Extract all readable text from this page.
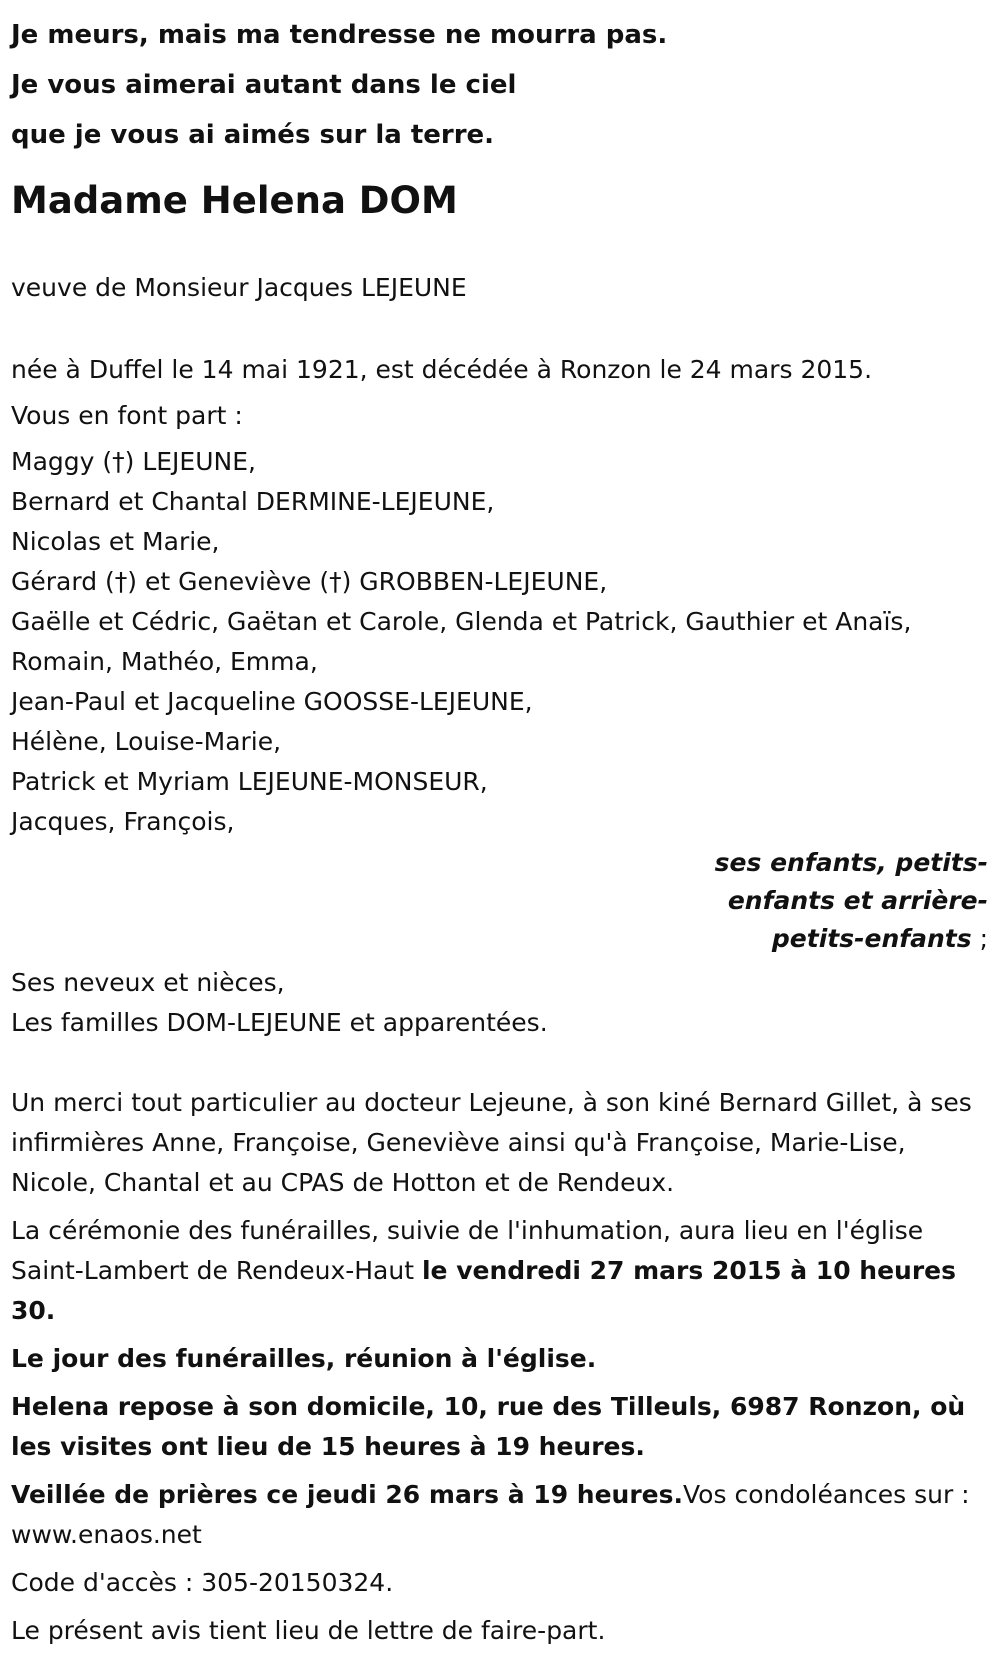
Je meurs, mais ma tendresse ne mourra pas.
Je vous aimerai autant dans le ciel
que je vous ai aimés sur la terre.
Madame Helena DOM

veuve de Monsieur Jacques LEJEUNE

née à Duffel le 14 mai 1921, est décédée à Ronzon le 24 mars 2015.

Vous en font part :

Maggy (†) LEJEUNE,
Bernard et Chantal DERMINE-LEJEUNE,
Nicolas et Marie,
Gérard (†) et Geneviève (†) GROBBEN-LEJEUNE,
Gaëlle et Cédric, Gaëtan et Carole, Glenda et Patrick, Gauthier et Anaïs,
Romain, Mathéo, Emma,
Jean-Paul et Jacqueline GOOSSE-LEJEUNE,
Hélène, Louise-Marie,
Patrick et Myriam LEJEUNE-MONSEUR,
Jacques, François,
ses enfants, petits-
enfants et arrière-
petits-enfants ;
Ses neveux et nièces,
Les familles DOM-LEJEUNE et apparentées.

Un merci tout particulier au docteur Lejeune, à son kiné Bernard Gillet, à ses infirmières Anne, Françoise, Geneviève ainsi qu'à Françoise, Marie-Lise, Nicole, Chantal et au CPAS de Hotton et de Rendeux.

La cérémonie des funérailles, suivie de l'inhumation, aura lieu en l'église Saint-Lambert de Rendeux-Haut le vendredi 27 mars 2015 à 10 heures 30.

Le jour des funérailles, réunion à l'église.

Helena repose à son domicile, 10, rue des Tilleuls, 6987 Ronzon, où les visites ont lieu de 15 heures à 19 heures.

Veillée de prières ce jeudi 26 mars à 19 heures.Vos condoléances sur : www.enaos.net

Code d'accès : 305-20150324.

Le présent avis tient lieu de lettre de faire-part.
